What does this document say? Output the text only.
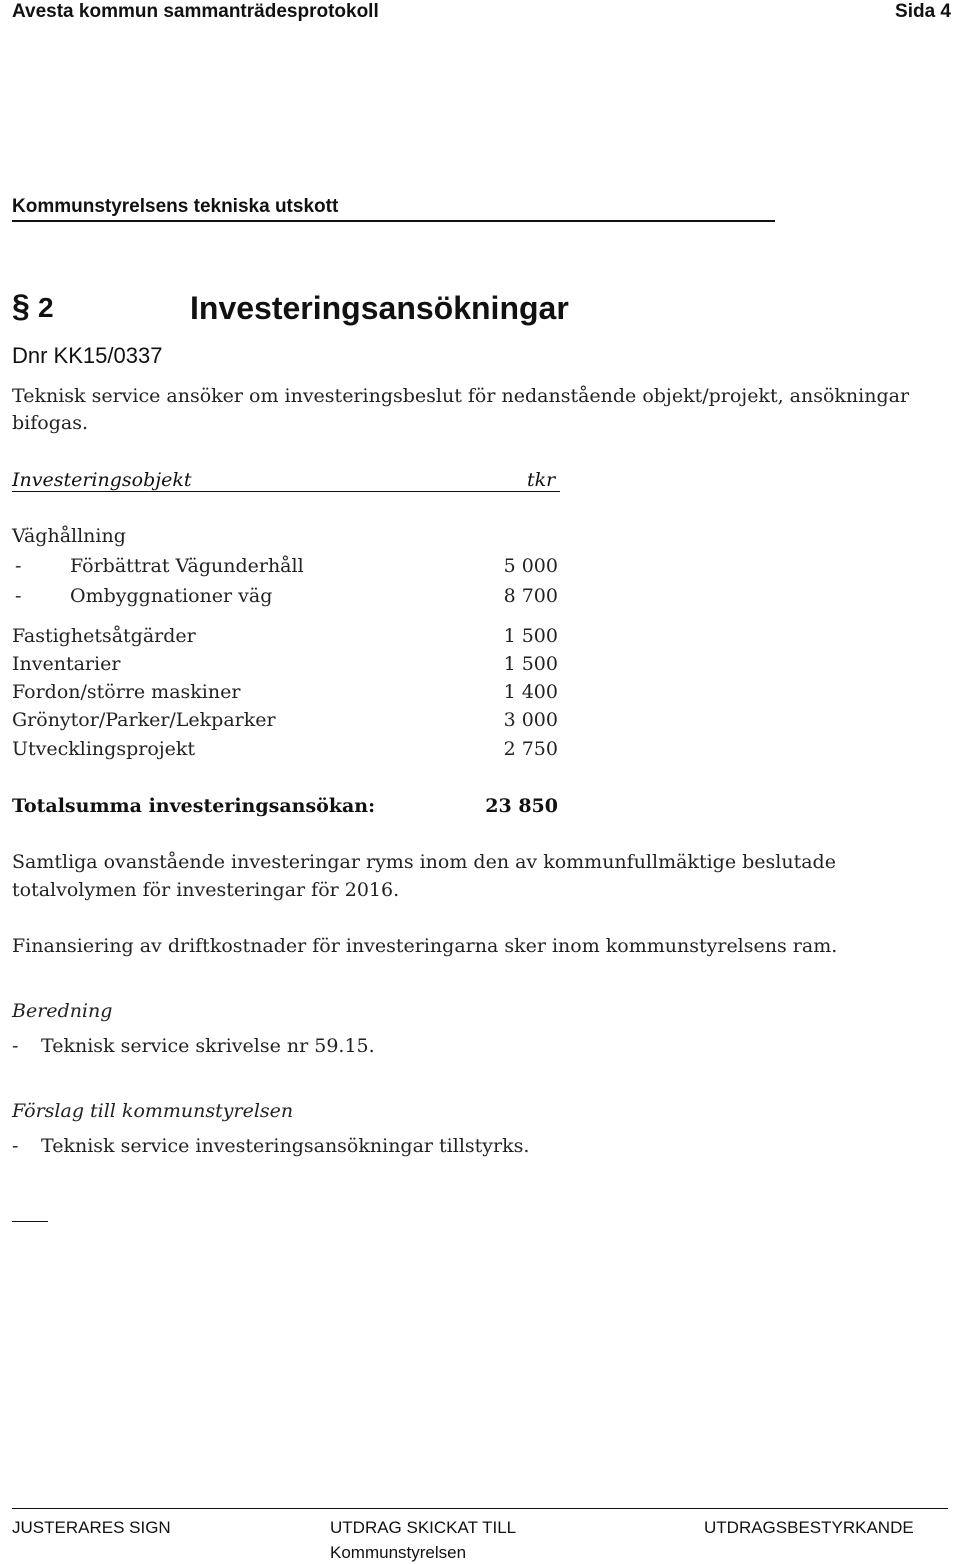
Avesta kommun sammanträdesprotokoll	Sida 4
Kommunstyrelsens tekniska utskott
§ 2	Investeringsansökningar
Dnr KK15/0337
Teknisk service ansöker om investeringsbeslut för nedanstående objekt/projekt, ansökningar
bifogas.
Investeringsobjekt	tkr
Väghållning
-	Förbättrat Vägunderhåll	5 000
-	Ombyggnationer väg	8 700
Fastighetsåtgärder	1 500
Inventarier	1 500
Fordon/större maskiner	1 400
Grönytor/Parker/Lekparker	3 000
Utvecklingsprojekt	2 750
Totalsumma investeringsansökan:	23 850
Samtliga ovanstående investeringar ryms inom den av kommunfullmäktige beslutade
totalvolymen för investeringar för 2016.
Finansiering av driftkostnader för investeringarna sker inom kommunstyrelsens ram.
Beredning
- Teknisk service skrivelse nr 59.15.
Förslag till kommunstyrelsen
- Teknisk service investeringsansökningar tillstyrks.
JUSTERARES SIGN	UTDRAG SKICKAT TILL
Kommunstyrelsen
UTDRAGSBESTYRKANDE
